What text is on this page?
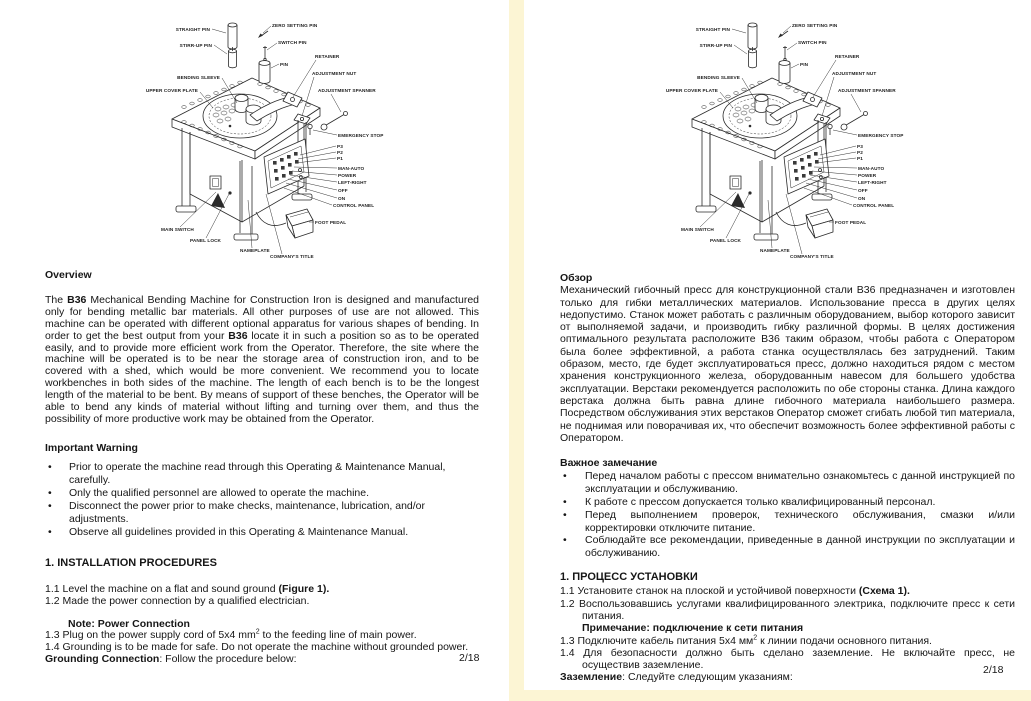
STRAIGHT PIN
ZERO SETTING PIN
STIRR-UP PIN
SWITCH PIN
PIN
RETAINER
BENDING SLEEVE
ADJUSTMENT NUT
UPPER COVER PLATE	ADJUSTMENT SPANNER
EMERGENCY STOP
P3
P2
P1
MAN-AUTO
POWER
LEFT-RIGHT
OFF
ON
CONTROL PANEL
MAIN SWITCH
PANEL LOCK
NAMEPLATE
COMPANY'S TITLE
FOOT PEDAL
STRAIGHT PIN
ZERO SETTING PIN
STIRR-UP PIN
SWITCH PIN
PIN
RETAINER
BENDING SLEEVE
ADJUSTMENT NUT
UPPER COVER PLATE	ADJUSTMENT SPANNER
EMERGENCY STOP
P3
P2
P1
MAN-AUTO
POWER
LEFT-RIGHT
OFF
ON
CONTROL PANEL
MAIN SWITCH
PANEL LOCK
NAMEPLATE
COMPANY'S TITLE
FOOT PEDAL
Overview

The B36 Mechanical Bending Machine for Construction Iron is designed and manufactured only for bending metallic bar materials. All other purposes of use are not allowed. This machine can be operated with different optional apparatus for various shapes of bending. In order to get the best output from your B36 locate it in such a position so as to be operated easily, and to provide more efficient work from the Operator. Therefore, the site where the machine will be operated is to be near the storage area of construction iron, and to be covered with a shed, which would be more convenient. We recommend you to locate workbenches in both sides of the machine. The length of each bench is to be the longest length of the material to be bent. By means of support of these benches, the Operator will be able to bend any kinds of material without lifting and turning over them, and thus the possibility of more productive work may be obtained from the Operator.

Important Warning
•	Prior to operate the machine read through this Operating & Maintenance Manual, carefully.
•	Only the qualified personnel are allowed to operate the machine.
•	Disconnect the power prior to make checks, maintenance, lubrication, and/or adjustments.
•	Observe all guidelines provided in this Operating & Maintenance Manual.
1. INSTALLATION PROCEDURES
1.1 Level the machine on a flat and sound ground (Figure 1).
1.2 Made the power connection by a qualified electrician.
Note: Power Connection
1.3 Plug on the power supply cord of 5x4 $mm^2$ to the feeding line of main power.
1.4 Grounding is to be made for safe. Do not operate the machine without grounded power.
Grounding Connection: Follow the procedure below:	2/18
Обзор

Механический гибочный пресс для конструкционной стали B36 предназначен и изготовлен только для гибки металлических материалов. Использование пресса в других целях недопустимо. Станок может работать с различным оборудованием, выбор которого зависит от выполняемой задачи, и производить гибку различной формы. В целях достижения оптимального результата расположите B36 таким образом, чтобы работа с Оператором была более эффективной, а работа станка осуществлялась без затруднений. Таким образом, место, где будет эксплуатироваться пресс, должно находиться рядом с местом хранения конструкционного железа, оборудованным навесом для большего удобства эксплуатации. Верстаки рекомендуется расположить по обе стороны станка. Длина каждого верстака должна быть равна длине гибочного материала наибольшего размера. Посредством обслуживания этих верстаков Оператор сможет сгибать любой тип материала, не поднимая или поворачивая их, что обеспечит возможность более эффективной работы с Оператором.

Важное замечание
•	Перед началом работы с прессом внимательно ознакомьтесь с данной инструкцией по эксплуатации и обслуживанию.
•	К работе с прессом допускается только квалифицированный персонал.
•	Перед выполнением проверок, технического обслуживания, смазки и/или корректировки отключите питание.
•	Соблюдайте все рекомендации, приведенные в данной инструкции по эксплуатации и обслуживанию.
1. ПРОЦЕСС УСТАНОВКИ
1.1 Установите станок на плоской и устойчивой поверхности (Схема 1).
1.2 Воспользовавшись услугами квалифицированного электрика, подключите пресс к сети питания.
Примечание: подключение к сети питания
1.3 Подключите кабель питания 5х4 $мм^2$ к линии подачи основного питания.
1.4 Для безопасности должно быть сделано заземление. Не включайте пресс, не осуществив заземление.
Заземление: Следуйте следующим указаниям:
2/18
